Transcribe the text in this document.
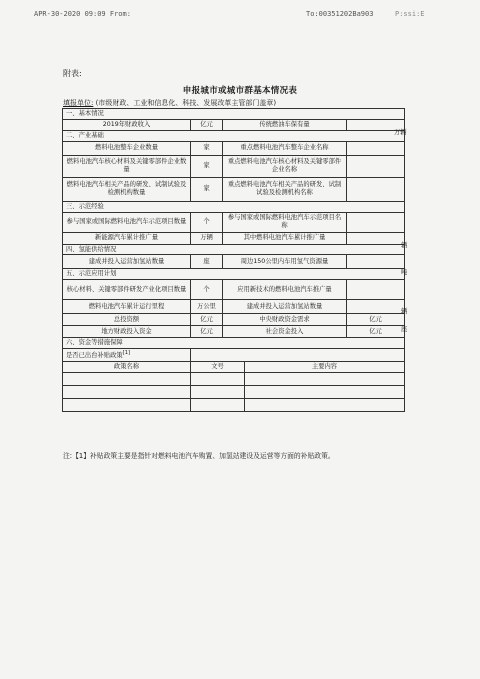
APR-30-2020 09:09 From:	To:00351202Ba903	P:ssi:E
附表:
申报城市或城市群基本情况表
填报单位: (市级财政、工业和信息化、科技、发展改革主管部门盖章)
一、基本情况				
2019年财政收入	亿元	传统燃油车保有量		
二、产业基础				
燃料电池整车企业数量	家	重点燃料电池汽车整车企业名称		
燃料电池汽车核心材料及关键零部件企业数量	家	重点燃料电池汽车核心材料及关键零部件企业名称		
燃料电池汽车相关产品的研发、试制试验及检测机构数量	家	重点燃料电池汽车相关产品的研发、试制试验及检测机构名称		
三、示范经验				
参与国家或国际燃料电池汽车示范项目数量	个	参与国家或国际燃料电池汽车示范项目名称		
新能源汽车累计推广量	万辆	其中燃料电池汽车累计推广量		
四、氢能供给情况				
建成并投入运营加氢站数量	座	周边150公里内车用氢气资源量		
五、示范应用计划				
核心材料、关键零部件研发产业化项目数量	个	应用新技术的燃料电池汽车推广量		
燃料电池汽车累计运行里程	万公里	建成并投入运营加氢站数量		
总投资额	亿元	中央财政资金需求		亿元
地方财政投入资金	亿元	社会资金投入		亿元
六、资金等措施保障				
是否已出台补贴政策[1]	
政策名称	文号		主要内容	

万辆
辆
吨
辆
座
注:【1】补贴政策主要是指针对燃料电池汽车购置、加氢站建设及运营等方面的补贴政策。
